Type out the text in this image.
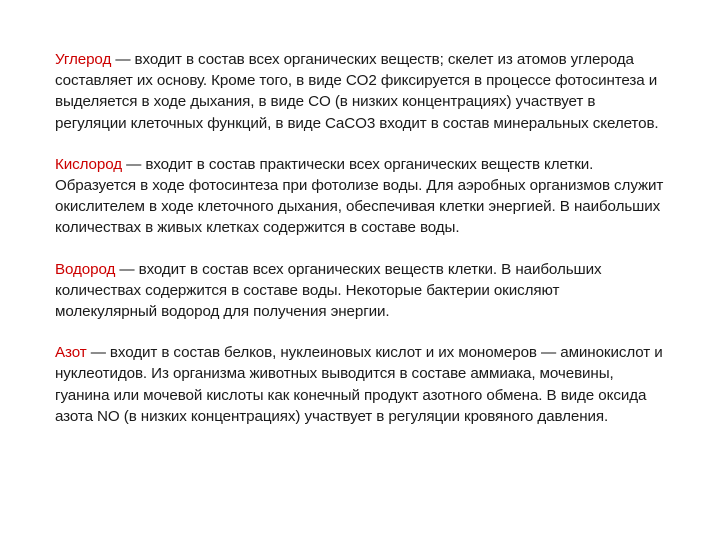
Углерод — входит в состав всех органических веществ; скелет из атомов углерода составляет их основу. Кроме того, в виде CO2 фиксируется в процессе фотосинтеза и выделяется в ходе дыхания, в виде CO (в низких концентрациях) участвует в регуляции клеточных функций, в виде CaCO3 входит в состав минеральных скелетов.

Кислород — входит в состав практически всех органических веществ клетки. Образуется в ходе фотосинтеза при фотолизе воды. Для аэробных организмов служит окислителем в ходе клеточного дыхания, обеспечивая клетки энергией. В наибольших количествах в живых клетках содержится в составе воды.

Водород — входит в состав всех органических веществ клетки. В наибольших количествах содержится в составе воды. Некоторые бактерии окисляют молекулярный водород для получения энергии.

Азот — входит в состав белков, нуклеиновых кислот и их мономеров — аминокислот и нуклеотидов. Из организма животных выводится в составе аммиака, мочевины, гуанина или мочевой кислоты как конечный продукт азотного обмена. В виде оксида азота NO (в низких концентрациях) участвует в регуляции кровяного давления.
